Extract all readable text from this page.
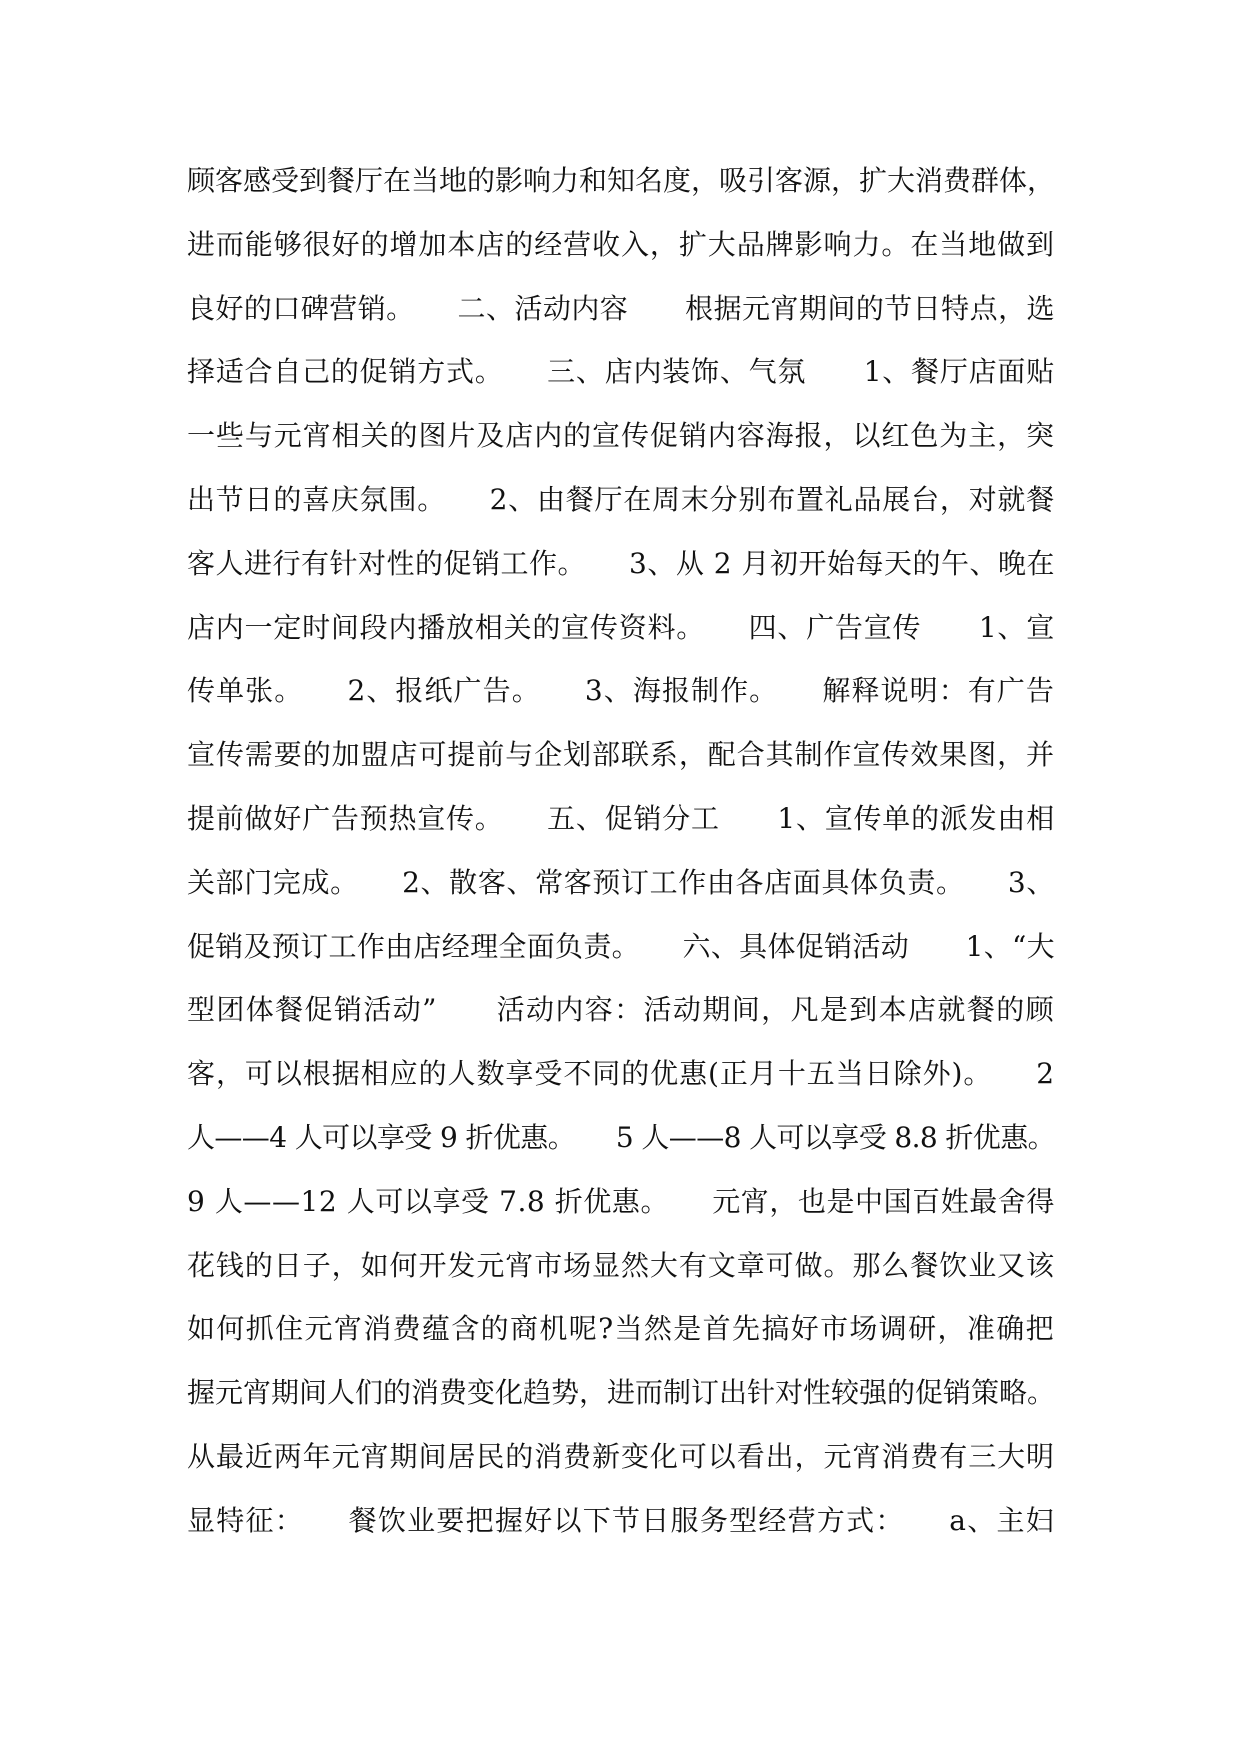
顾客感受到餐厅在当地的影响力和知名度，吸引客源，扩大消费群体，
进而能够很好的增加本店的经营收入，扩大品牌影响力。在当地做到
良好的口碑营销。　　二、活动内容　　根据元宵期间的节日特点，选
择适合自己的促销方式。　　三、店内装饰、气氛　　1、餐厅店面贴
一些与元宵相关的图片及店内的宣传促销内容海报，以红色为主，突
出节日的喜庆氛围。　　2、由餐厅在周末分别布置礼品展台，对就餐
客人进行有针对性的促销工作。　　3、从 2 月初开始每天的午、晚在
店内一定时间段内播放相关的宣传资料。　　四、广告宣传　　1、宣
传单张。　　2、报纸广告。　　3、海报制作。　　解释说明：有广告
宣传需要的加盟店可提前与企划部联系，配合其制作宣传效果图，并
提前做好广告预热宣传。　　五、促销分工　　1、宣传单的派发由相
关部门完成。　　2、散客、常客预订工作由各店面具体负责。　　3、
促销及预订工作由店经理全面负责。　　六、具体促销活动　　1、“大
型团体餐促销活动”　　活动内容：活动期间，凡是到本店就餐的顾
客，可以根据相应的人数享受不同的优惠(正月十五当日除外)。　　2
人——4 人可以享受 9 折优惠。　　5 人——8 人可以享受 8.8 折优惠。
9 人——12 人可以享受 7.8 折优惠。　　元宵，也是中国百姓最舍得
花钱的日子，如何开发元宵市场显然大有文章可做。那么餐饮业又该
如何抓住元宵消费蕴含的商机呢?当然是首先搞好市场调研，准确把
握元宵期间人们的消费变化趋势，进而制订出针对性较强的促销策略。
从最近两年元宵期间居民的消费新变化可以看出，元宵消费有三大明
显特征：　　餐饮业要把握好以下节日服务型经营方式：　　a、主妇
